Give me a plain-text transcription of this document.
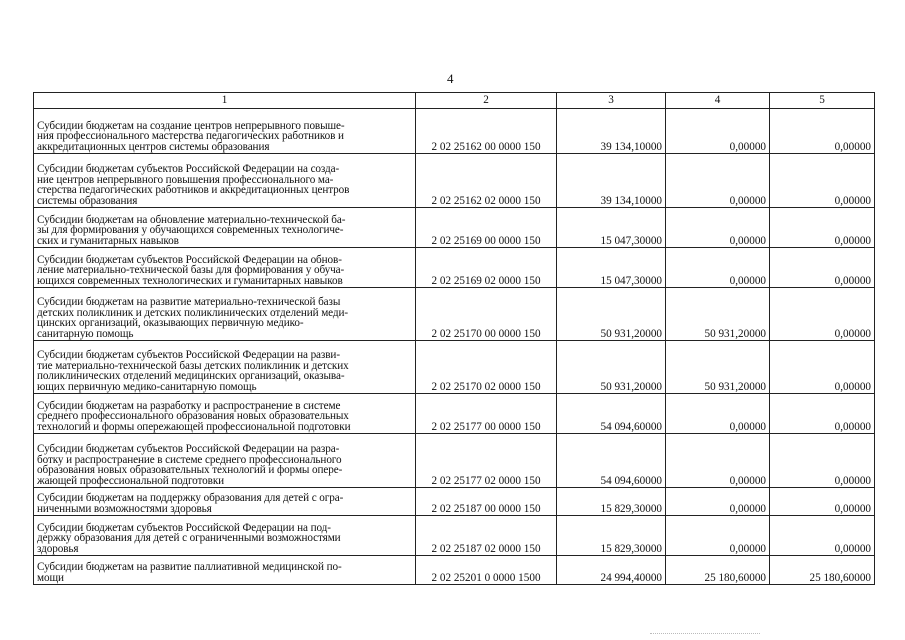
4
1	2	3	4	5
Субсидии бюджетам на создание центров непрерывного повыше-
ния профессионального мастерства педагогических работников и
аккредитационных центров системы образования	2 02 25162 00 0000 150	39 134,10000	0,00000	0,00000
Субсидии бюджетам субъектов Российской Федерации на созда-
ние центров непрерывного повышения профессионального ма-
стерства педагогических работников и аккредитационных центров
системы образования	2 02 25162 02 0000 150	39 134,10000	0,00000	0,00000
Субсидии бюджетам на обновление материально-технической ба-
зы для формирования у обучающихся современных технологиче-
ских и гуманитарных навыков	2 02 25169 00 0000 150	15 047,30000	0,00000	0,00000
Субсидии бюджетам субъектов Российской Федерации на обнов-
ление материально-технической базы для формирования у обуча-
ющихся современных технологических и гуманитарных навыков	2 02 25169 02 0000 150	15 047,30000	0,00000	0,00000
Субсидии бюджетам на развитие материально-технической базы
детских поликлиник и детских поликлинических отделений меди-
цинских организаций, оказывающих первичную медико-
санитарную помощь	2 02 25170 00 0000 150	50 931,20000	50 931,20000	0,00000
Субсидии бюджетам субъектов Российской Федерации на разви-
тие материально-технической базы детских поликлиник и детских
поликлинических отделений медицинских организаций, оказыва-
ющих первичную медико-санитарную помощь	2 02 25170 02 0000 150	50 931,20000	50 931,20000	0,00000
Субсидии бюджетам на разработку и распространение в системе
среднего профессионального образования новых образовательных
технологий и формы опережающей профессиональной подготовки	2 02 25177 00 0000 150	54 094,60000	0,00000	0,00000
Субсидии бюджетам субъектов Российской Федерации на разра-
ботку и распространение в системе среднего профессионального
образования новых образовательных технологий и формы опере-
жающей профессиональной подготовки	2 02 25177 02 0000 150	54 094,60000	0,00000	0,00000
Субсидии бюджетам на поддержку образования для детей с огра-
ниченными возможностями здоровья	2 02 25187 00 0000 150	15 829,30000	0,00000	0,00000
Субсидии бюджетам субъектов Российской Федерации на под-
держку образования для детей с ограниченными возможностями
здоровья	2 02 25187 02 0000 150	15 829,30000	0,00000	0,00000
Субсидии бюджетам на развитие паллиативной медицинской по-
мощи	2 02 25201 0 0000 1500	24 994,40000	25 180,60000	25 180,60000
